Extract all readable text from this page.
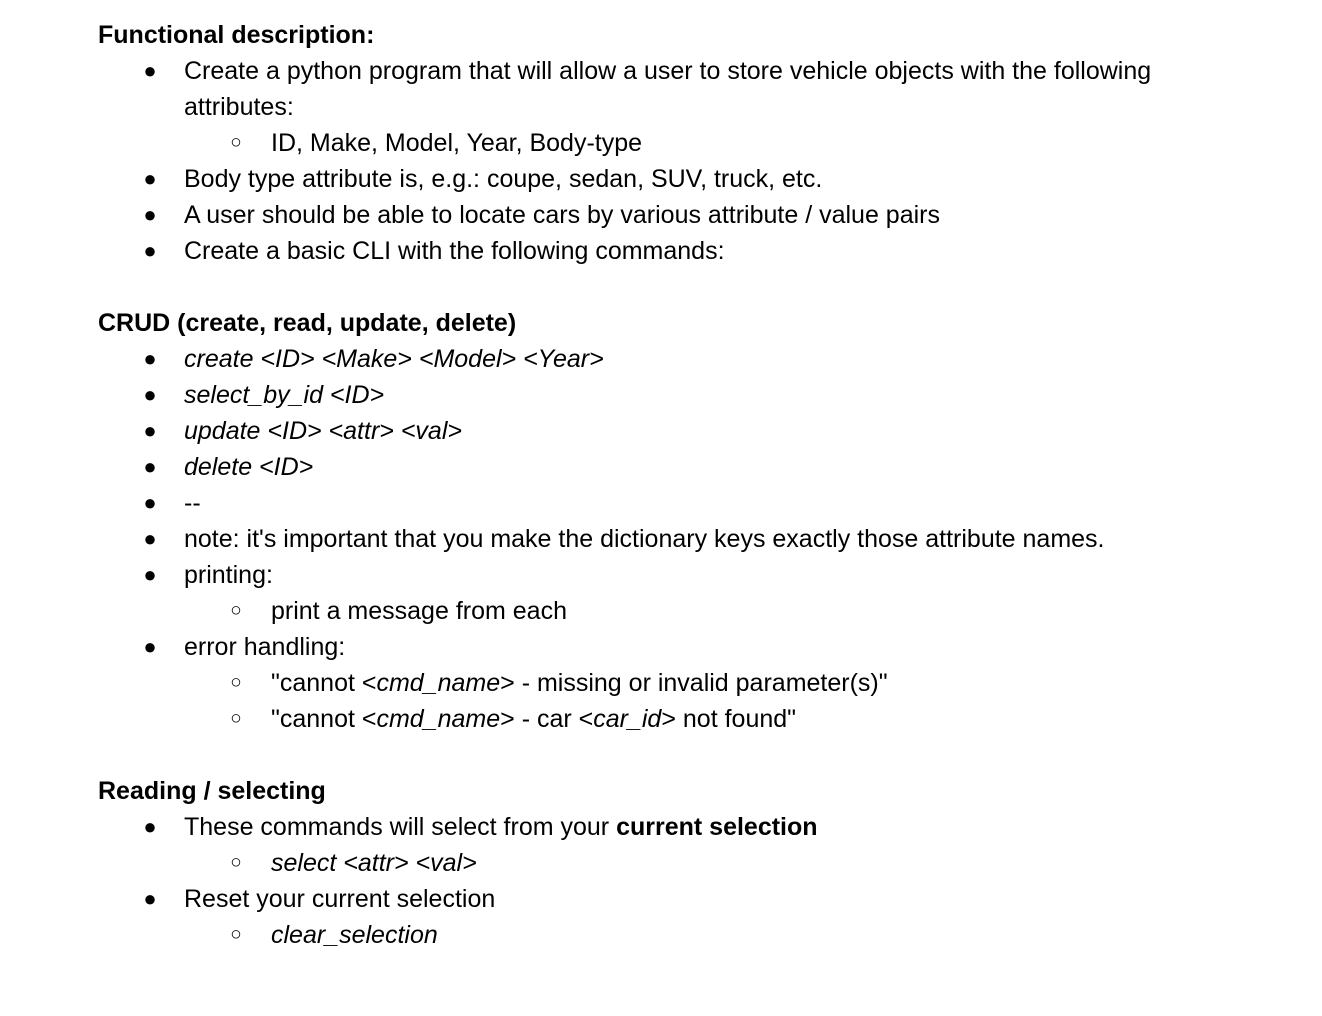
Functional description:
● Create a python program that will allow a user to store vehicle objects with the following
attributes:
○ ID, Make, Model, Year, Body-type
● Body type attribute is, e.g.: coupe, sedan, SUV, truck, etc.
● A user should be able to locate cars by various attribute / value pairs
● Create a basic CLI with the following commands:
CRUD (create, read, update, delete)
● create <ID> <Make> <Model> <Year>
● select_by_id <ID>
● update <ID> <attr> <val>
● delete <ID>
● --
● note: it's important that you make the dictionary keys exactly those attribute names.
● printing:
○ print a message from each
● error handling:
○ "cannot <cmd_name> - missing or invalid parameter(s)"
○ "cannot <cmd_name> - car <car_id> not found"
Reading / selecting
● These commands will select from your current selection
○ select <attr> <val>
● Reset your current selection
○ clear_selection
